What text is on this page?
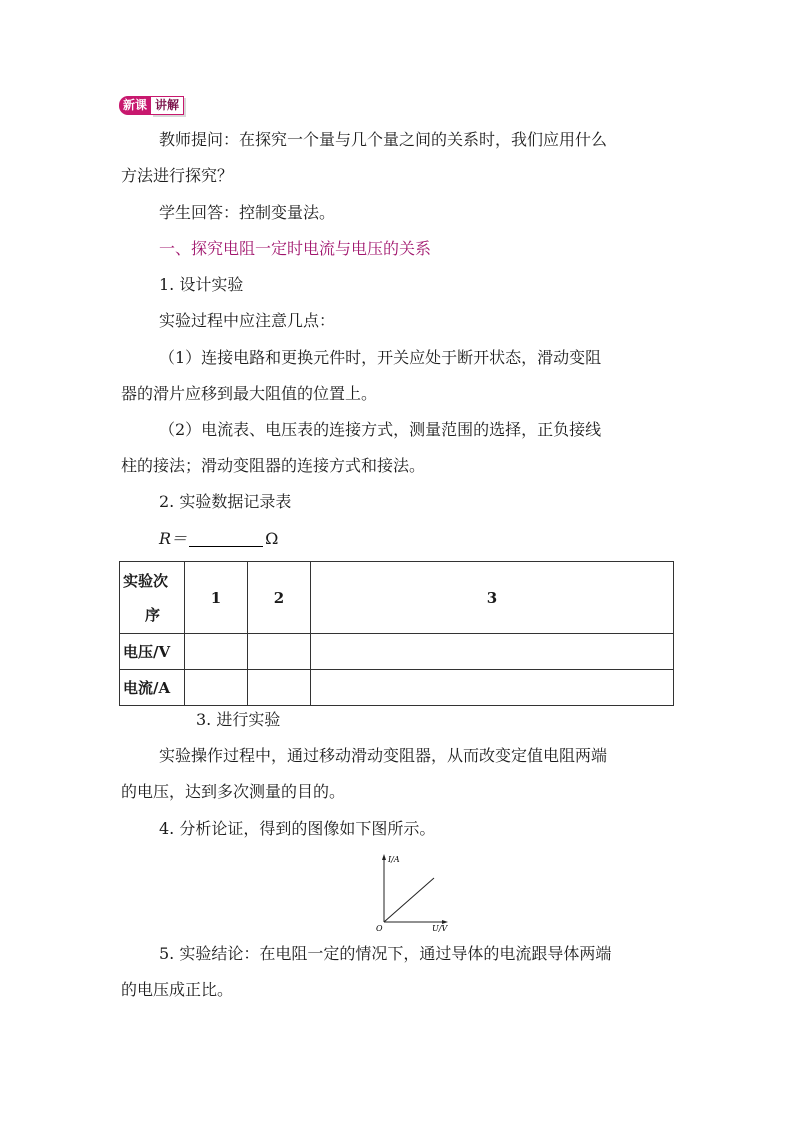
新课 讲解
教师提问：在探究一个量与几个量之间的关系时，我们应用什么
方法进行探究？
学生回答：控制变量法。
一、探究电阻一定时电流与电压的关系
1. 设计实验
实验过程中应注意几点：
（1）连接电路和更换元件时，开关应处于断开状态，滑动变阻
器的滑片应移到最大阻值的位置上。
（2）电流表、电压表的连接方式，测量范围的选择，正负接线
柱的接法；滑动变阻器的连接方式和接法。
2. 实验数据记录表
R＝	Ω
实验次
序	1	2	3
电压/V			
电流/A			
3. 进行实验
实验操作过程中，通过移动滑动变阻器，从而改变定值电阻两端
的电压，达到多次测量的目的。
4. 分析论证，得到的图像如下图所示。
I/A
O	U/V
5. 实验结论：在电阻一定的情况下，通过导体的电流跟导体两端
的电压成正比。
